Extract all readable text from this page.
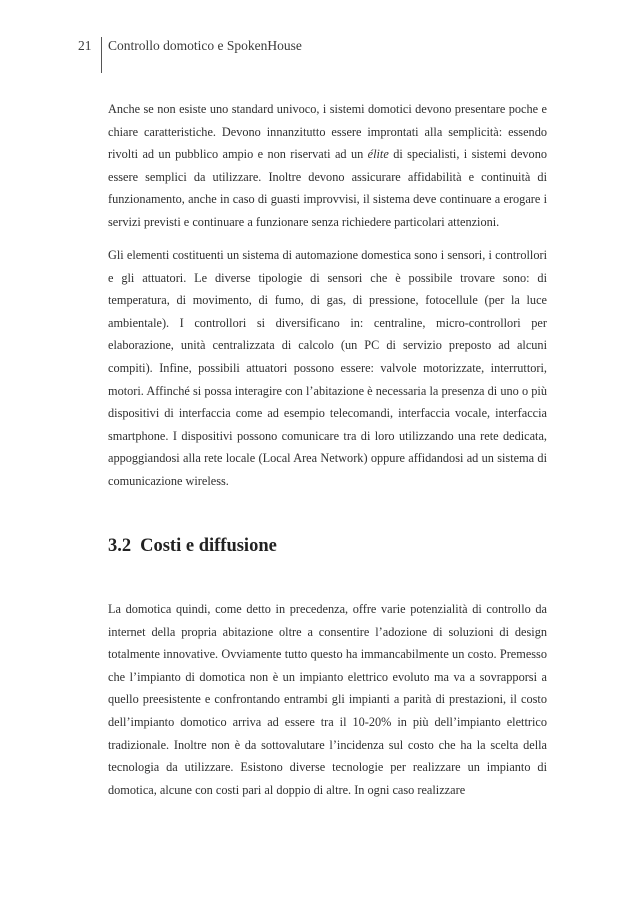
21 Controllo domotico e SpokenHouse

Anche se non esiste uno standard univoco, i sistemi domotici devono presentare poche e chiare caratteristiche. Devono innanzitutto essere improntati alla semplicità: essendo rivolti ad un pubblico ampio e non riservati ad un élite di specialisti, i sistemi devono essere semplici da utilizzare. Inoltre devono assicurare affidabilità e continuità di funzionamento, anche in caso di guasti improvvisi, il sistema deve continuare a erogare i servizi previsti e continuare a funzionare senza richiedere particolari attenzioni.

Gli elementi costituenti un sistema di automazione domestica sono i sensori, i controllori e gli attuatori. Le diverse tipologie di sensori che è possibile trovare sono: di temperatura, di movimento, di fumo, di gas, di pressione, fotocellule (per la luce ambientale). I controllori si diversificano in: centraline, micro-controllori per elaborazione, unità centralizzata di calcolo (un PC di servizio preposto ad alcuni compiti). Infine, possibili attuatori possono essere: valvole motorizzate, interruttori, motori. Affinché si possa interagire con l’abitazione è necessaria la presenza di uno o più dispositivi di interfaccia come ad esempio telecomandi, interfaccia vocale, interfaccia smartphone. I dispositivi possono comunicare tra di loro utilizzando una rete dedicata, appoggiandosi alla rete locale (Local Area Network) oppure affidandosi ad un sistema di comunicazione wireless.

3.2 Costi e diffusione

La domotica quindi, come detto in precedenza, offre varie potenzialità di controllo da internet della propria abitazione oltre a consentire l’adozione di soluzioni di design totalmente innovative. Ovviamente tutto questo ha immancabilmente un costo. Premesso che l’impianto di domotica non è un impianto elettrico evoluto ma va a sovrapporsi a quello preesistente e confrontando entrambi gli impianti a parità di prestazioni, il costo dell’impianto domotico arriva ad essere tra il 10-20% in più dell’impianto elettrico tradizionale. Inoltre non è da sottovalutare l’incidenza sul costo che ha la scelta della tecnologia da utilizzare. Esistono diverse tecnologie per realizzare un impianto di domotica, alcune con costi pari al doppio di altre. In ogni caso realizzare
